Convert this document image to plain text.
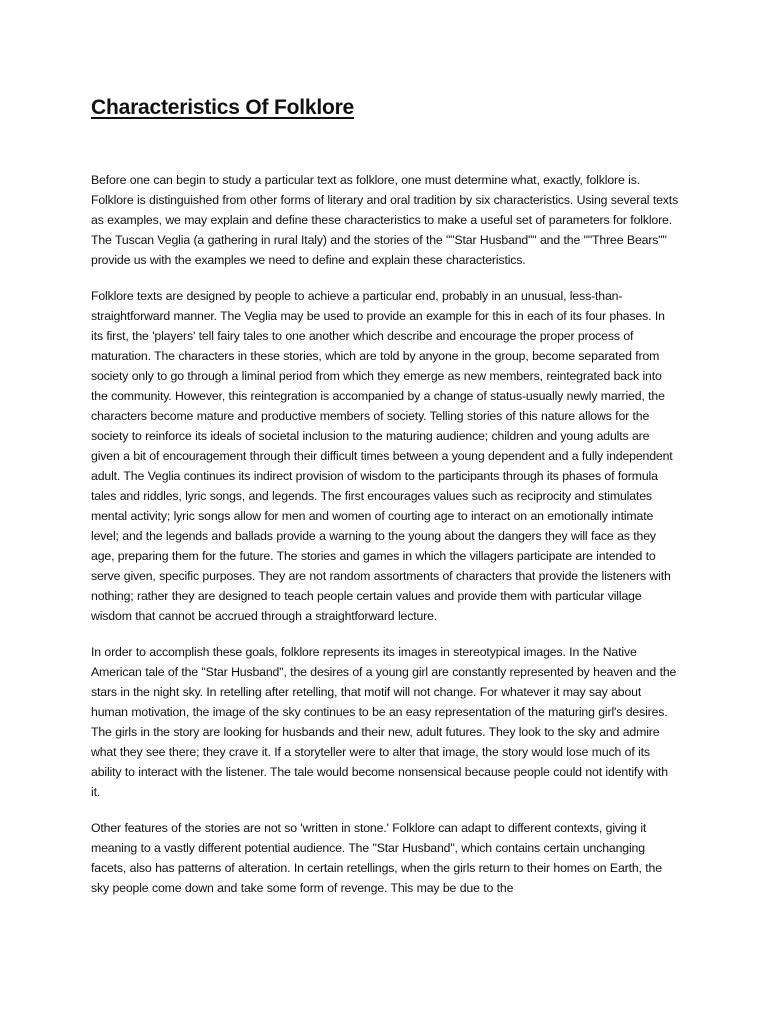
Characteristics Of Folklore

Before one can begin to study a particular text as folklore, one must determine what, exactly, folklore is. Folklore is distinguished from other forms of literary and oral tradition by six characteristics. Using several texts as examples, we may explain and define these characteristics to make a useful set of parameters for folklore. The Tuscan Veglia (a gathering in rural Italy) and the stories of the ""Star Husband"" and the ""Three Bears"" provide us with the examples we need to define and explain these characteristics.

Folklore texts are designed by people to achieve a particular end, probably in an unusual, less-than-straightforward manner. The Veglia may be used to provide an example for this in each of its four phases. In its first, the 'players' tell fairy tales to one another which describe and encourage the proper process of maturation. The characters in these stories, which are told by anyone in the group, become separated from society only to go through a liminal period from which they emerge as new members, reintegrated back into the community. However, this reintegration is accompanied by a change of status-usually newly married, the characters become mature and productive members of society. Telling stories of this nature allows for the society to reinforce its ideals of societal inclusion to the maturing audience; children and young adults are given a bit of encouragement through their difficult times between a young dependent and a fully independent adult. The Veglia continues its indirect provision of wisdom to the participants through its phases of formula tales and riddles, lyric songs, and legends. The first encourages values such as reciprocity and stimulates mental activity; lyric songs allow for men and women of courting age to interact on an emotionally intimate level; and the legends and ballads provide a warning to the young about the dangers they will face as they age, preparing them for the future. The stories and games in which the villagers participate are intended to serve given, specific purposes. They are not random assortments of characters that provide the listeners with nothing; rather they are designed to teach people certain values and provide them with particular village wisdom that cannot be accrued through a straightforward lecture.

In order to accomplish these goals, folklore represents its images in stereotypical images. In the Native American tale of the "Star Husband", the desires of a young girl are constantly represented by heaven and the stars in the night sky. In retelling after retelling, that motif will not change. For whatever it may say about human motivation, the image of the sky continues to be an easy representation of the maturing girl's desires. The girls in the story are looking for husbands and their new, adult futures. They look to the sky and admire what they see there; they crave it. If a storyteller were to alter that image, the story would lose much of its ability to interact with the listener. The tale would become nonsensical because people could not identify with it.

Other features of the stories are not so 'written in stone.' Folklore can adapt to different contexts, giving it meaning to a vastly different potential audience. The "Star Husband", which contains certain unchanging facets, also has patterns of alteration. In certain retellings, when the girls return to their homes on Earth, the sky people come down and take some form of revenge. This may be due to the
